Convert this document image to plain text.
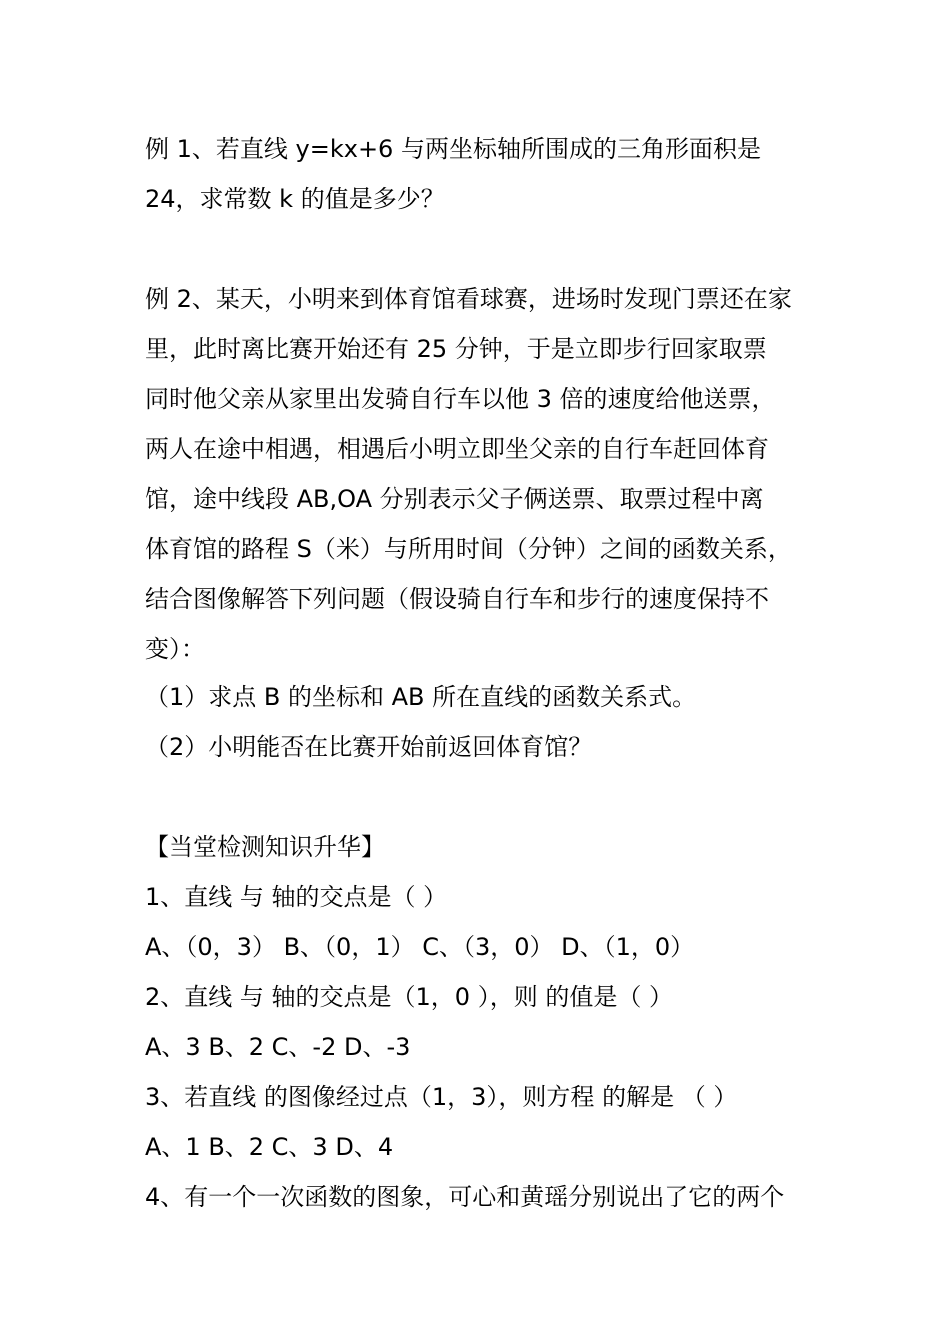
例 1、若直线 y=kx+6 与两坐标轴所围成的三角形面积是
24，求常数 k 的值是多少？
例 2、某天，小明来到体育馆看球赛，进场时发现门票还在家
里，此时离比赛开始还有 25 分钟，于是立即步行回家取票
同时他父亲从家里出发骑自行车以他 3 倍的速度给他送票，
两人在途中相遇，相遇后小明立即坐父亲的自行车赶回体育
馆，途中线段 AB,OA 分别表示父子俩送票、取票过程中离
体育馆的路程 S（米）与所用时间（分钟）之间的函数关系，
结合图像解答下列问题（假设骑自行车和步行的速度保持不
变）：
（1）求点 B 的坐标和 AB 所在直线的函数关系式。
（2）小明能否在比赛开始前返回体育馆？
【当堂检测知识升华】
1、直线 与 轴的交点是（ ）
A、（0，3） B、（0，1） C、（3，0） D、（1，0）
2、直线 与 轴的交点是（1，0 ），则 的值是（ ）
A、3 B、2 C、-2 D、-3
3、若直线 的图像经过点（1，3），则方程 的解是 （ ）
A、1 B、2 C、3 D、4
4、有一个一次函数的图象，可心和黄瑶分别说出了它的两个
